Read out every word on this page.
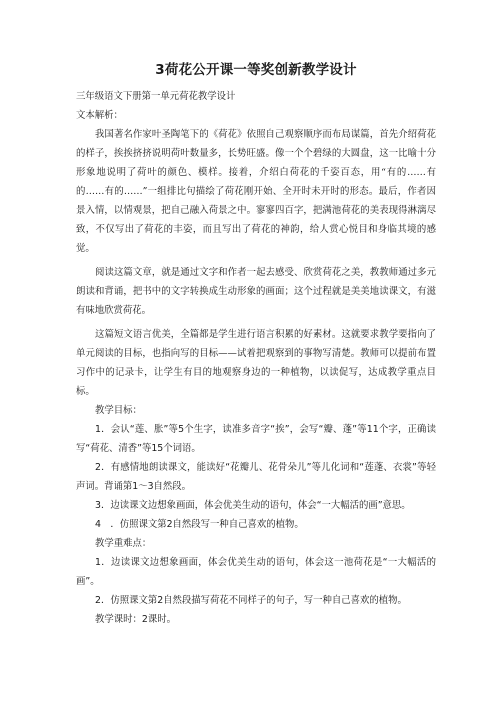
3荷花公开课一等奖创新教学设计

三年级语文下册第一单元荷花教学设计

文本解析：

我国著名作家叶圣陶笔下的《荷花》依照自己观察顺序而布局谋篇，首先介绍荷花的样子，挨挨挤挤说明荷叶数量多，长势旺盛。像一个个碧绿的大圆盘，这一比喻十分形象地说明了荷叶的颜色、模样。接着，介绍白荷花的千姿百态，用“有的……有的……有的……”一组排比句描绘了荷花刚开始、全开时未开时的形态。最后，作者因景入情，以情观景，把自己融入荷景之中。寥寥四百字，把满池荷花的美表现得淋漓尽致，不仅写出了荷花的丰姿，而且写出了荷花的神韵，给人赏心悦目和身临其境的感觉。

阅读这篇文章，就是通过文字和作者一起去感受、欣赏荷花之美，教教师通过多元朗读和背诵，把书中的文字转换成生动形象的画面；这个过程就是美美地读课文，有滋有味地欣赏荷花。

这篇短文语言优美，全篇都是学生进行语言积累的好素材。这就要求教学要指向了单元阅读的目标，也指向写的目标——试着把观察到的事物写清楚。教师可以提前布置习作中的记录卡，让学生有目的地观察身边的一种植物，以读促写，达成教学重点目标。

教学目标：

1．会认“莲、胀”等5个生字，读准多音字“挨”，会写“瓣、蓬”等11个字，正确读写“荷花、清香”等15个词语。

2．有感情地朗读课文，能读好“花瓣儿、花骨朵儿”等儿化词和“莲蓬、衣裳”等轻声词。背诵第1～3自然段。

3．边读课文边想象画面，体会优美生动的语句，体会“一大幅活的画”意思。

4　．仿照课文第2自然段写一种自己喜欢的植物。

教学重难点：

1．边读课文边想象画面，体会优美生动的语句，体会这一池荷花是“一大幅活的画”。

2．仿照课文第2自然段描写荷花不同样子的句子，写一种自己喜欢的植物。

教学课时：2课时。
